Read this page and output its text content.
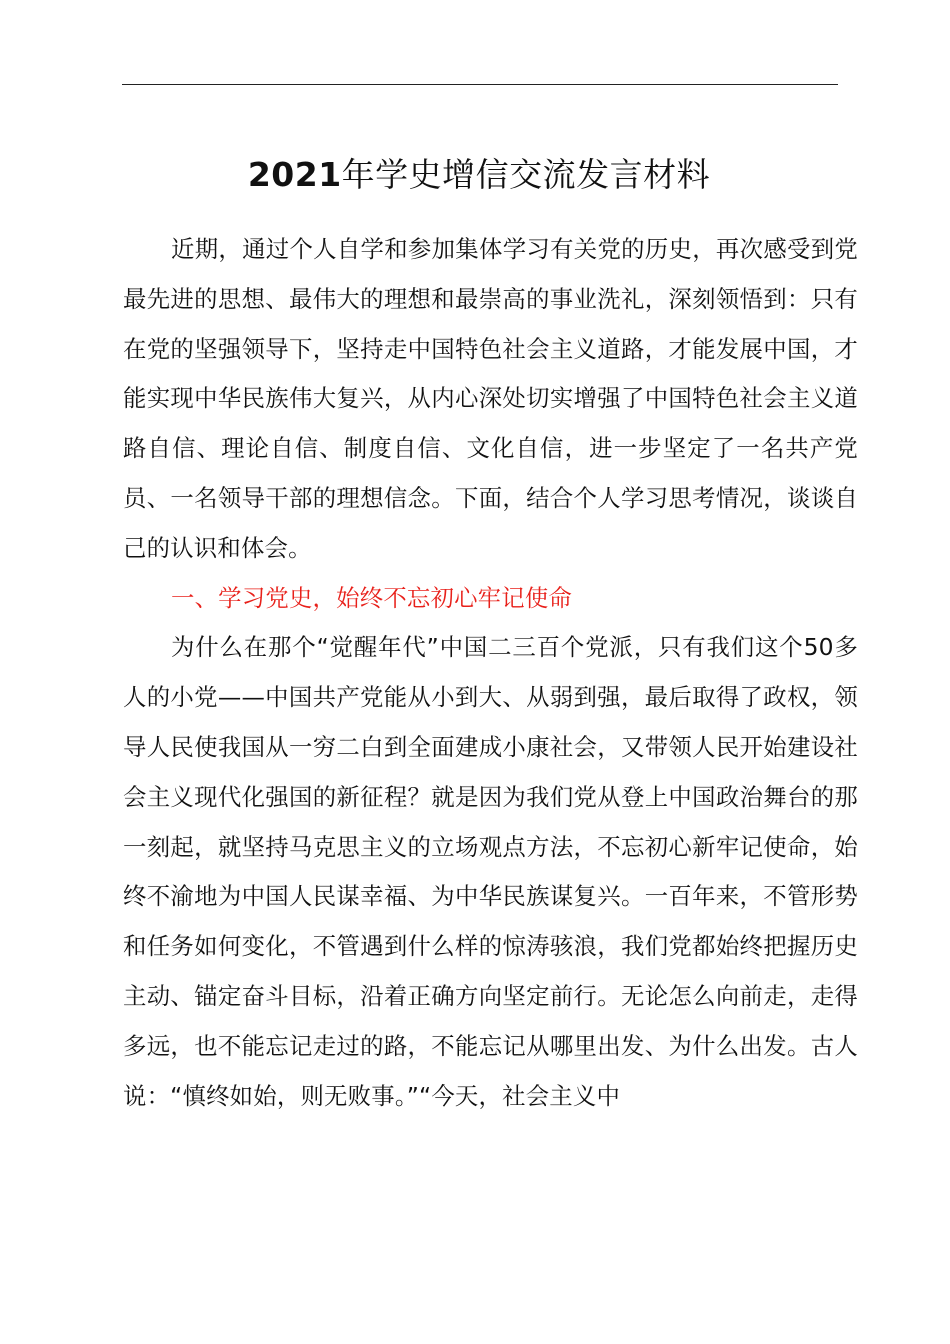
2021年学史增信交流发言材料

近期，通过个人自学和参加集体学习有关党的历史，再次感受到党最先进的思想、最伟大的理想和最崇高的事业洗礼，深刻领悟到：只有在党的坚强领导下，坚持走中国特色社会主义道路，才能发展中国，才能实现中华民族伟大复兴，从内心深处切实增强了中国特色社会主义道路自信、理论自信、制度自信、文化自信，进一步坚定了一名共产党员、一名领导干部的理想信念。下面，结合个人学习思考情况，谈谈自己的认识和体会。

一、学习党史，始终不忘初心牢记使命

为什么在那个“觉醒年代”中国二三百个党派，只有我们这个50多人的小党——中国共产党能从小到大、从弱到强，最后取得了政权，领导人民使我国从一穷二白到全面建成小康社会，又带领人民开始建设社会主义现代化强国的新征程？就是因为我们党从登上中国政治舞台的那一刻起，就坚持马克思主义的立场观点方法，不忘初心新牢记使命，始终不渝地为中国人民谋幸福、为中华民族谋复兴。一百年来，不管形势和任务如何变化，不管遇到什么样的惊涛骇浪，我们党都始终把握历史主动、锚定奋斗目标，沿着正确方向坚定前行。无论怎么向前走，走得多远，也不能忘记走过的路，不能忘记从哪里出发、为什么出发。古人说：“慎终如始，则无败事。”“今天，社会主义中
